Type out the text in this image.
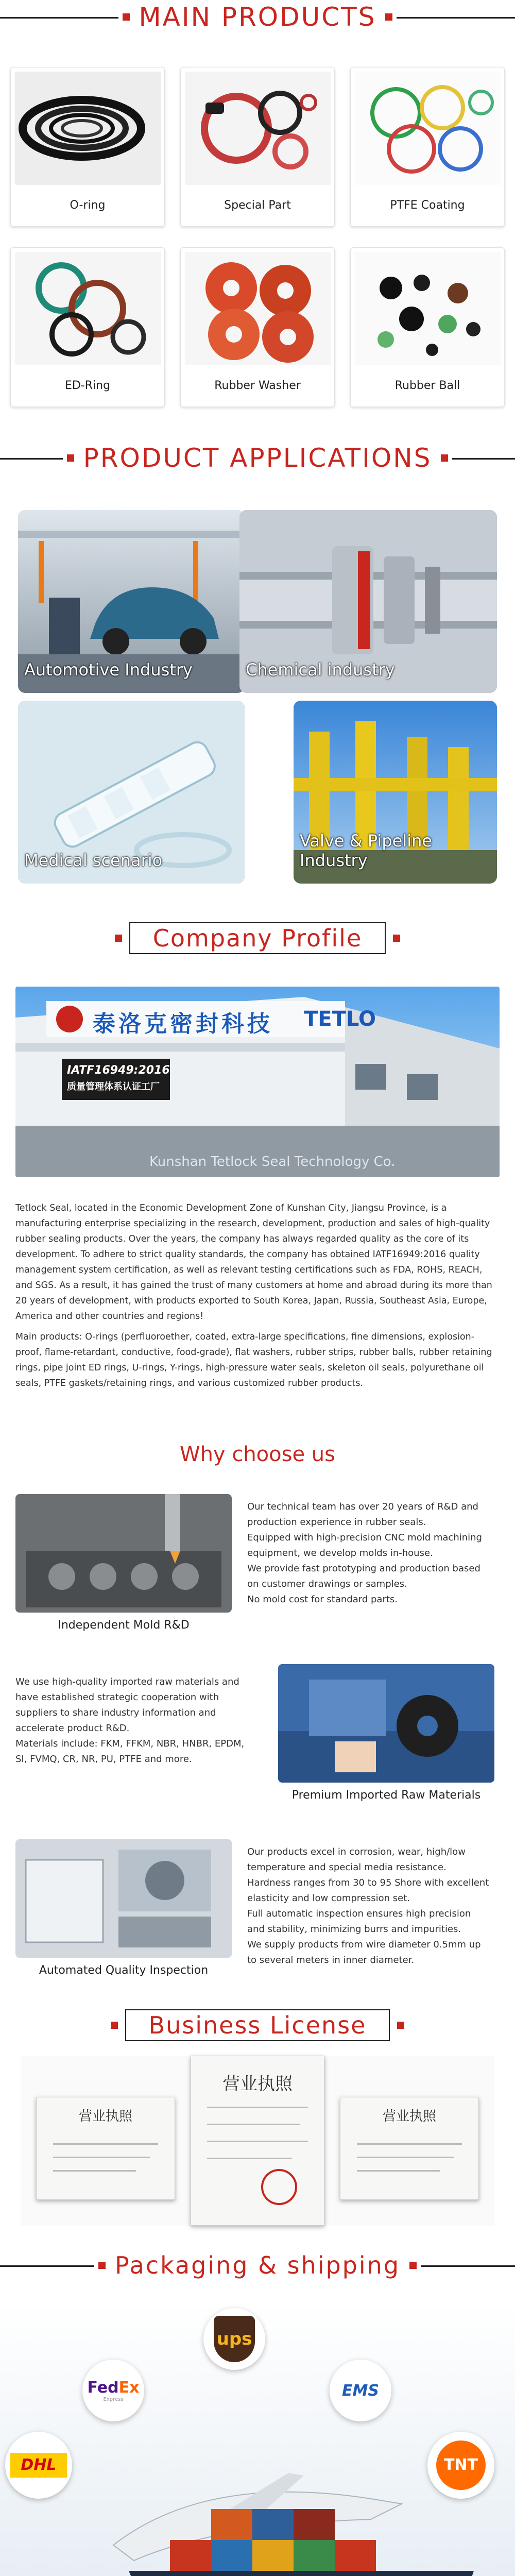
MAIN PRODUCTS
O-ring	Special Part	PTFE Coating
ED-Ring	Rubber Washer	Rubber Ball
PRODUCT APPLICATIONS
Automotive Industry	Chemical industry
Medical scenario
Valve & Pipeline Industry
Company Profile
泰洛克密封科技 TETLO
IATF16949:2016
质量管理体系认证工厂
Kunshan Tetlock Seal Technology Co.
Tetlock Seal, located in the Economic Development Zone of Kunshan City, Jiangsu Province, is a manufacturing enterprise specializing in the research, development, production and sales of high-quality rubber sealing products. Over the years, the company has always regarded quality as the core of its development. To adhere to strict quality standards, the company has obtained IATF16949:2016 quality management system certification, as well as relevant testing certifications such as FDA, ROHS, REACH, and SGS. As a result, it has gained the trust of many customers at home and abroad during its more than 20 years of development, with products exported to South Korea, Japan, Russia, Southeast Asia, Europe, America and other countries and regions!
Main products: O-rings (perfluoroether, coated, extra-large specifications, fine dimensions, explosion-proof, flame-retardant, conductive, food-grade), flat washers, rubber strips, rubber balls, rubber retaining rings, pipe joint ED rings, U-rings, Y-rings, high-pressure water seals, skeleton oil seals, polyurethane oil seals, PTFE gaskets/retaining rings, and various customized rubber products.
Why choose us
Independent Mold R&D
Our technical team has over 20 years of R&D and production experience in rubber seals.
Equipped with high-precision CNC mold machining equipment, we develop molds in-house.
We provide fast prototyping and production based on customer drawings or samples.
No mold cost for standard parts.
We use high-quality imported raw materials and have established strategic cooperation with suppliers to share industry information and accelerate product R&D.
Materials include: FKM, FFKM, NBR, HNBR, EPDM, SI, FVMQ, CR, NR, PU, PTFE and more.
Premium Imported Raw Materials
Automated Quality Inspection
Our products excel in corrosion, wear, high/low temperature and special media resistance.
Hardness ranges from 30 to 95 Shore with excellent elasticity and low compression set.
Full automatic inspection ensures high precision and stability, minimizing burrs and impurities.
We supply products from wire diameter 0.5mm up to several meters in inner diameter.
Business License
营业执照
营业执照
营业执照
Packaging & shipping
ups
FedEx
Express	EMS
DHL	TNT
